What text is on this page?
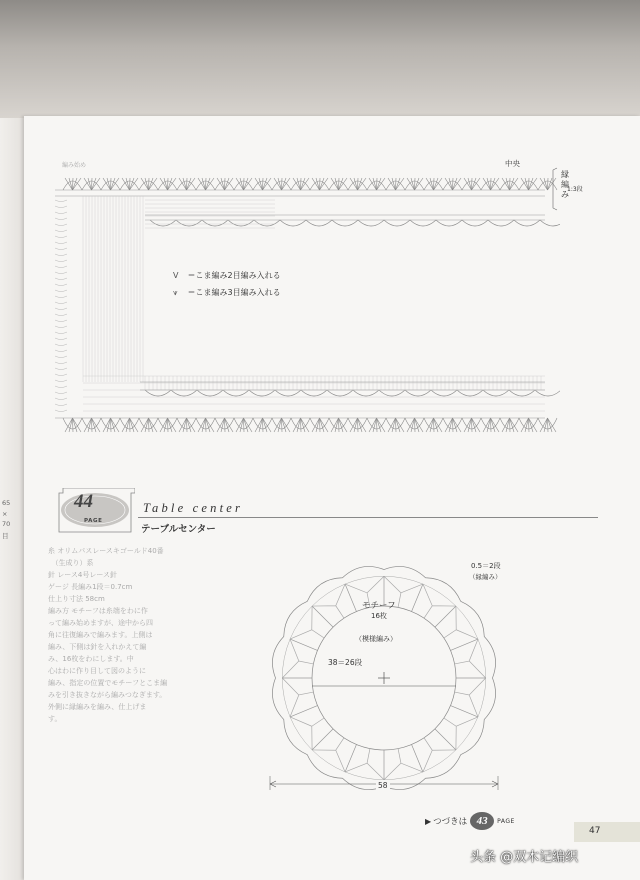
65
×
70
目
中央
縁編み
1:3段
編み始め
V ＝こま編み2目編み入れる
⩛ ＝こま編み3目編み入れる
44
PAGE
Table center
テーブルセンター
糸 オリムパスレースキゴールド40番
　（生成り）系
針 レース4号レース針
ゲージ 長編み1段＝0.7cm
仕上り寸法 58cm
編み方 モチーフは糸端をわに作
って編み始めますが、途中から四
角に往復編みで編みます。上側は
編み、下側は針を入れかえて編
み、16枚をわにします。中
心はわに作り目して図のように
編み、指定の位置でモチーフとこま編
みを引き抜きながら編みつなぎます。
外側に縁編みを編み、仕上げま
す。
モチーフ
16枚
（模様編み）
38＝26段
0.5＝2段
（縁編み）
58
▶ つづきは 43	PAGE
47
头条 @双木记编织
